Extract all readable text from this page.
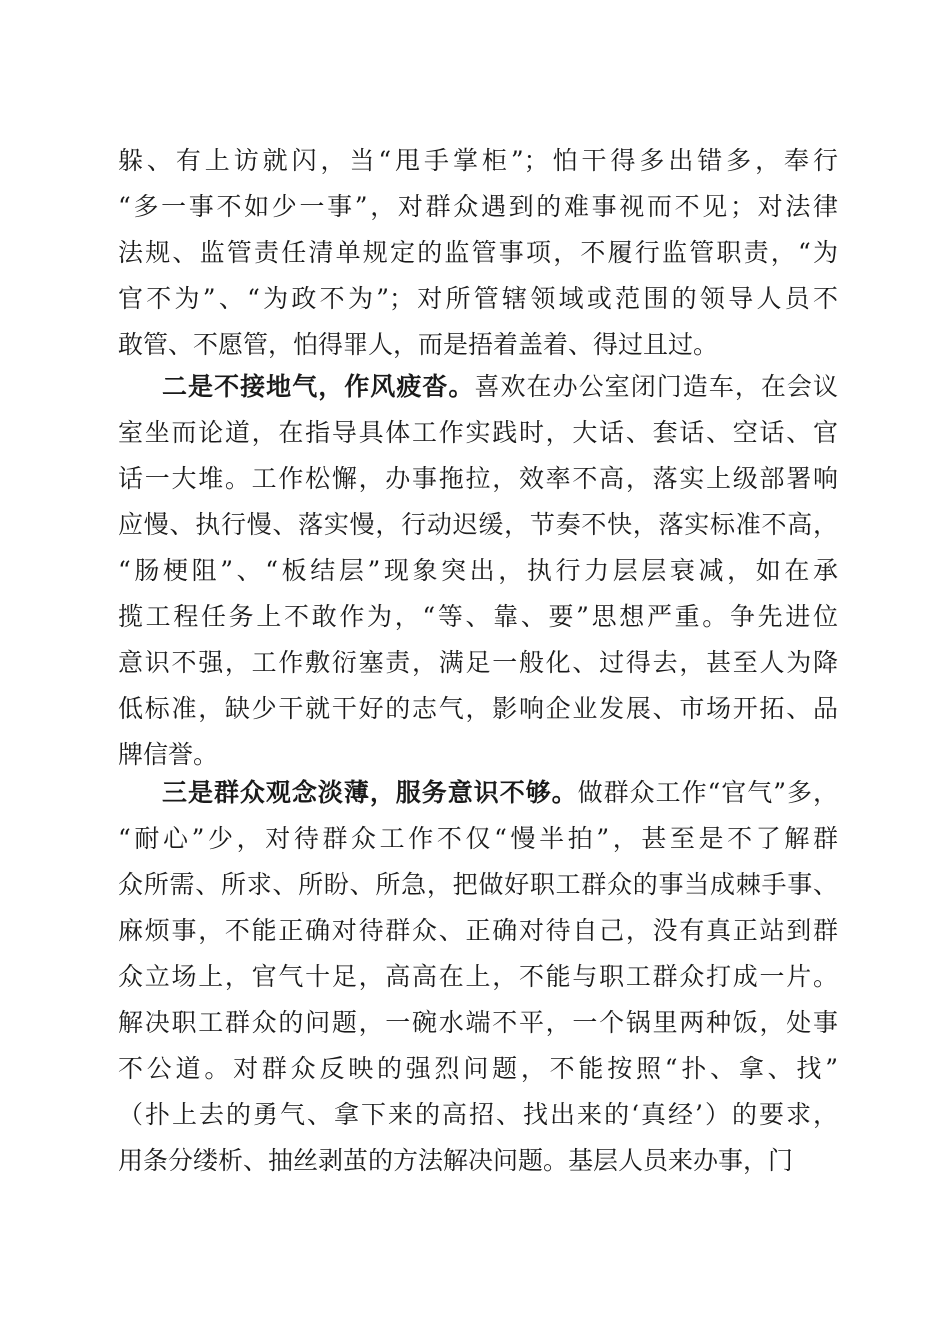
躲、有上访就闪，当“甩手掌柜”；怕干得多出错多，奉行
“多一事不如少一事”，对群众遇到的难事视而不见；对法律
法规、监管责任清单规定的监管事项，不履行监管职责，“为
官不为”、“为政不为”；对所管辖领域或范围的领导人员不
敢管、不愿管，怕得罪人，而是捂着盖着、得过且过。
二是不接地气，作风疲沓。喜欢在办公室闭门造车，在会议
室坐而论道，在指导具体工作实践时，大话、套话、空话、官
话一大堆。工作松懈，办事拖拉，效率不高，落实上级部署响
应慢、执行慢、落实慢，行动迟缓，节奏不快，落实标准不高，
“肠梗阻”、“板结层”现象突出，执行力层层衰减，如在承
揽工程任务上不敢作为，“等、靠、要”思想严重。争先进位
意识不强，工作敷衍塞责，满足一般化、过得去，甚至人为降
低标准，缺少干就干好的志气，影响企业发展、市场开拓、品
牌信誉。
三是群众观念淡薄，服务意识不够。做群众工作“官气”多，
“耐心”少，对待群众工作不仅“慢半拍”，甚至是不了解群
众所需、所求、所盼、所急，把做好职工群众的事当成棘手事、
麻烦事，不能正确对待群众、正确对待自己，没有真正站到群
众立场上，官气十足，高高在上，不能与职工群众打成一片。
解决职工群众的问题，一碗水端不平，一个锅里两种饭，处事
不公道。对群众反映的强烈问题，不能按照“扑、拿、找”
（扑上去的勇气、拿下来的高招、找出来的‘真经’）的要求，
用条分缕析、抽丝剥茧的方法解决问题。基层人员来办事，门
